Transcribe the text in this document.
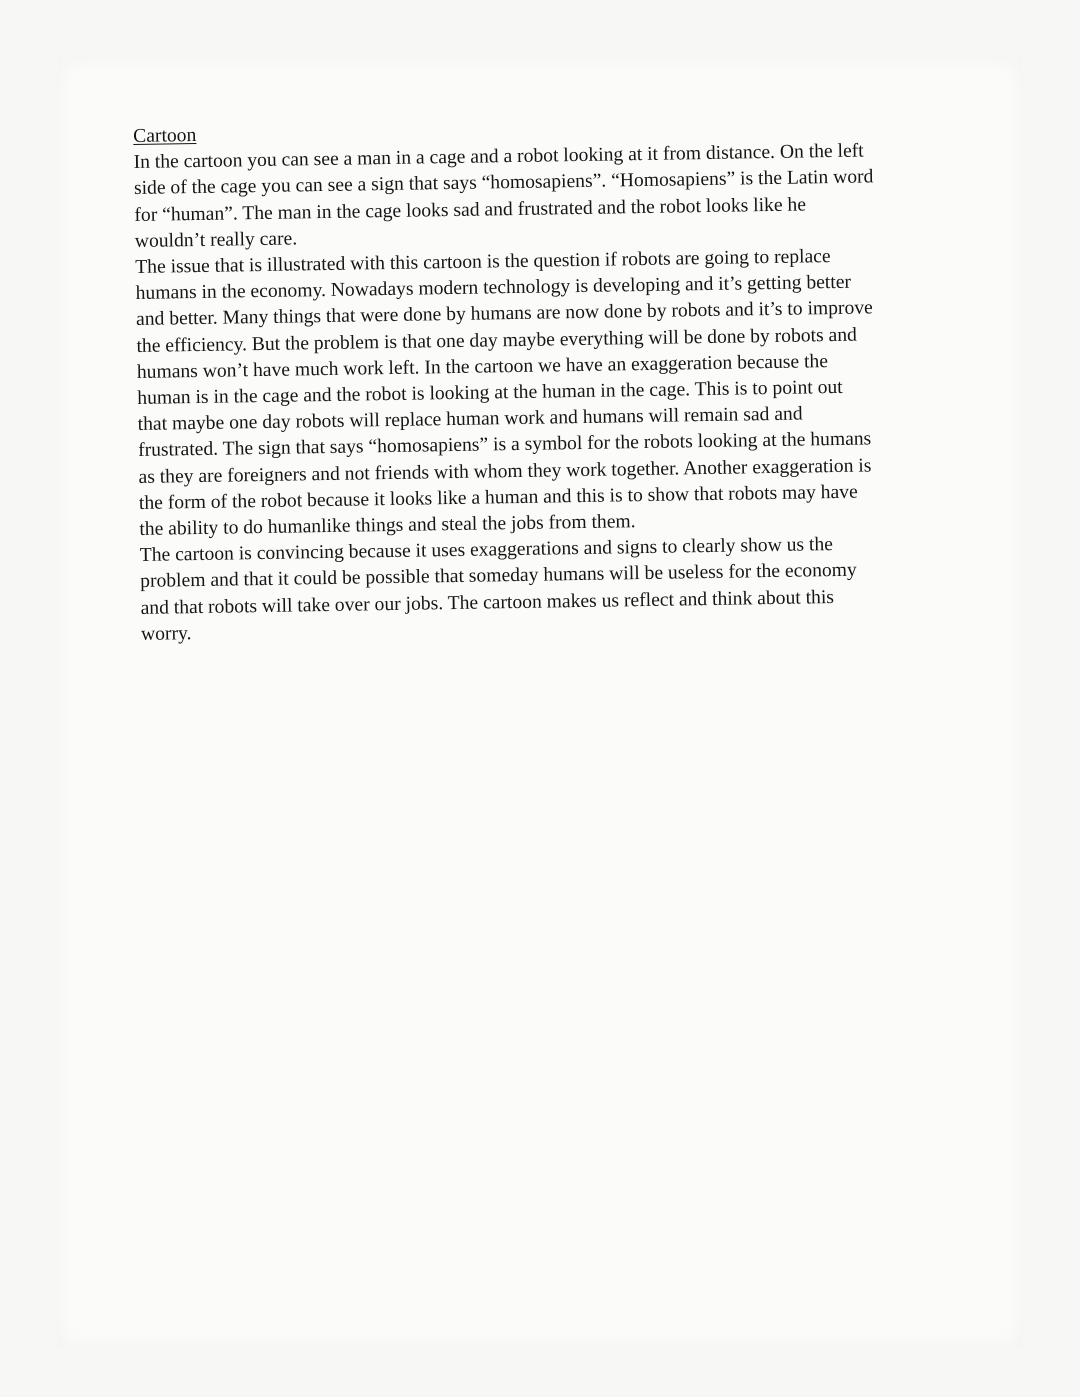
Cartoon
In the cartoon you can see a man in a cage and a robot looking at it from distance. On the left
side of the cage you can see a sign that says “homosapiens”. “Homosapiens” is the Latin word
for “human”. The man in the cage looks sad and frustrated and the robot looks like he
wouldn’t really care.
The issue that is illustrated with this cartoon is the question if robots are going to replace
humans in the economy. Nowadays modern technology is developing and it’s getting better
and better. Many things that were done by humans are now done by robots and it’s to improve
the efficiency. But the problem is that one day maybe everything will be done by robots and
humans won’t have much work left. In the cartoon we have an exaggeration because the
human is in the cage and the robot is looking at the human in the cage. This is to point out
that maybe one day robots will replace human work and humans will remain sad and
frustrated. The sign that says “homosapiens” is a symbol for the robots looking at the humans
as they are foreigners and not friends with whom they work together. Another exaggeration is
the form of the robot because it looks like a human and this is to show that robots may have
the ability to do humanlike things and steal the jobs from them.
The cartoon is convincing because it uses exaggerations and signs to clearly show us the
problem and that it could be possible that someday humans will be useless for the economy
and that robots will take over our jobs. The cartoon makes us reflect and think about this
worry.
